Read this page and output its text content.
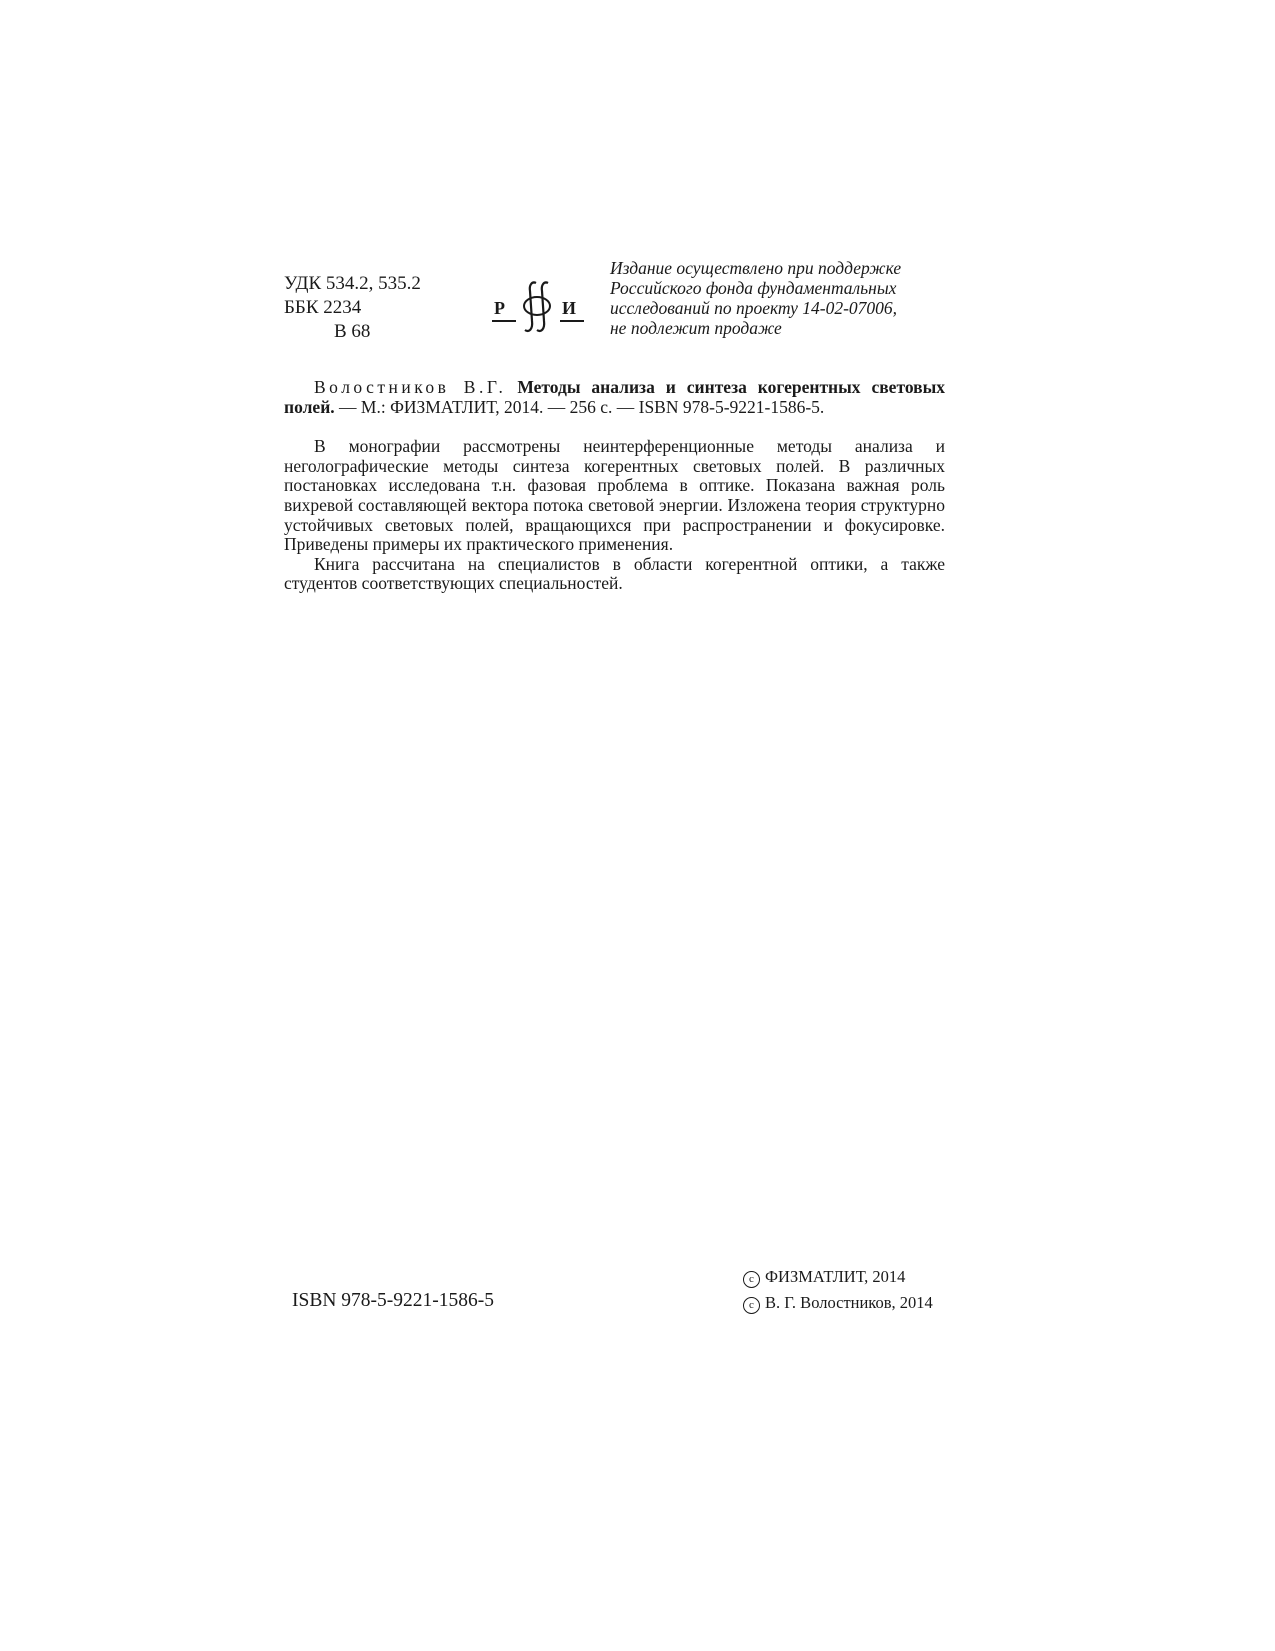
УДК 534.2, 535.2
ББК 2234
В 68
Р	И
Издание осуществлено при поддержке
Российского фонда фундаментальных
исследований по проекту 14-02-07006,
не подлежит продаже

Волостников В.Г. Методы анализа и синтеза когерентных световых полей. — М.: ФИЗМАТЛИТ, 2014. — 256 с. — ISBN 978-5-9221-1586-5.

В монографии рассмотрены неинтерференционные методы анализа и неголографические методы синтеза когерентных световых полей. В различных постановках исследована т.н. фазовая проблема в оптике. Показана важная роль вихревой составляющей вектора потока световой энергии. Изложена теория структурно устойчивых световых полей, вращающихся при распространении и фокусировке. Приведены примеры их практического применения.

Книга рассчитана на специалистов в области когерентной оптики, а также студентов соответствующих специальностей.

ISBN 978-5-9221-1586-5
c ФИЗМАТЛИТ, 2014
c В. Г. Волостников, 2014
